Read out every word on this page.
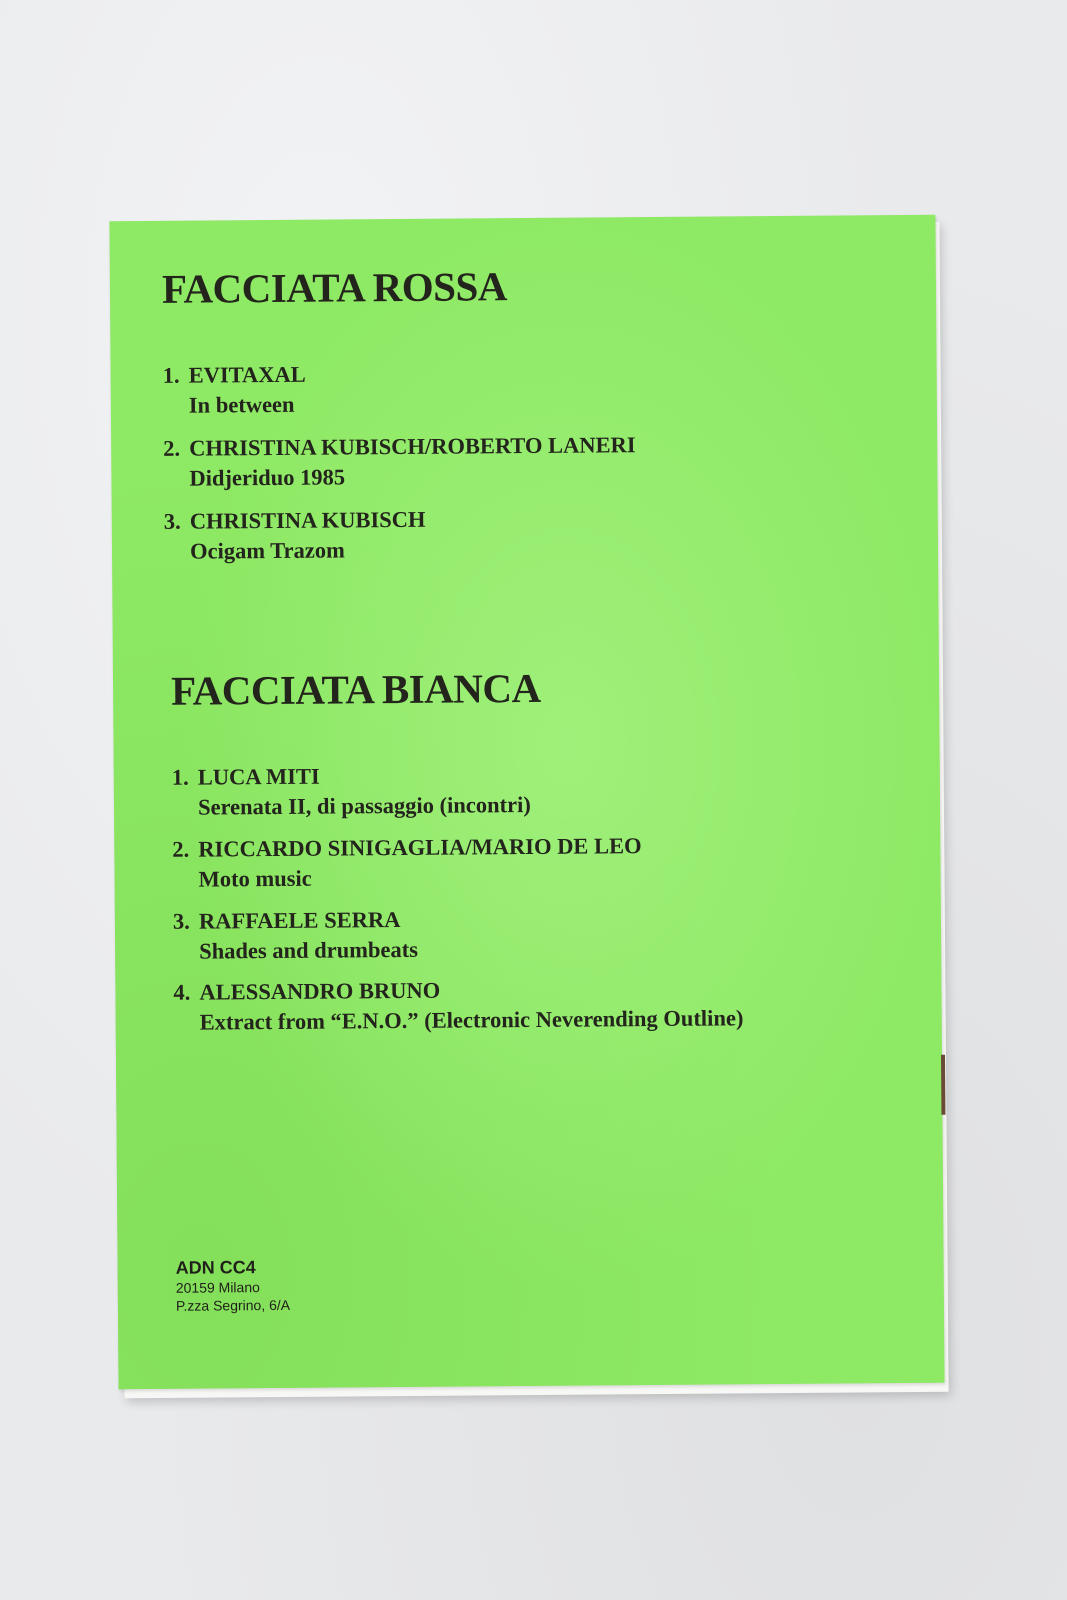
FACCIATA ROSSA
1. EVITAXAL
In between
2. CHRISTINA KUBISCH/ROBERTO LANERI
Didjeriduo 1985
3. CHRISTINA KUBISCH
Ocigam Trazom
FACCIATA BIANCA
1. LUCA MITI
Serenata II, di passaggio (incontri)
2. RICCARDO SINIGAGLIA/MARIO DE LEO
Moto music
3. RAFFAELE SERRA
Shades and drumbeats
4. ALESSANDRO BRUNO
Extract from “E.N.O.” (Electronic Neverending Outline)
ADN CC4
20159 Milano
P.zza Segrino, 6/A
